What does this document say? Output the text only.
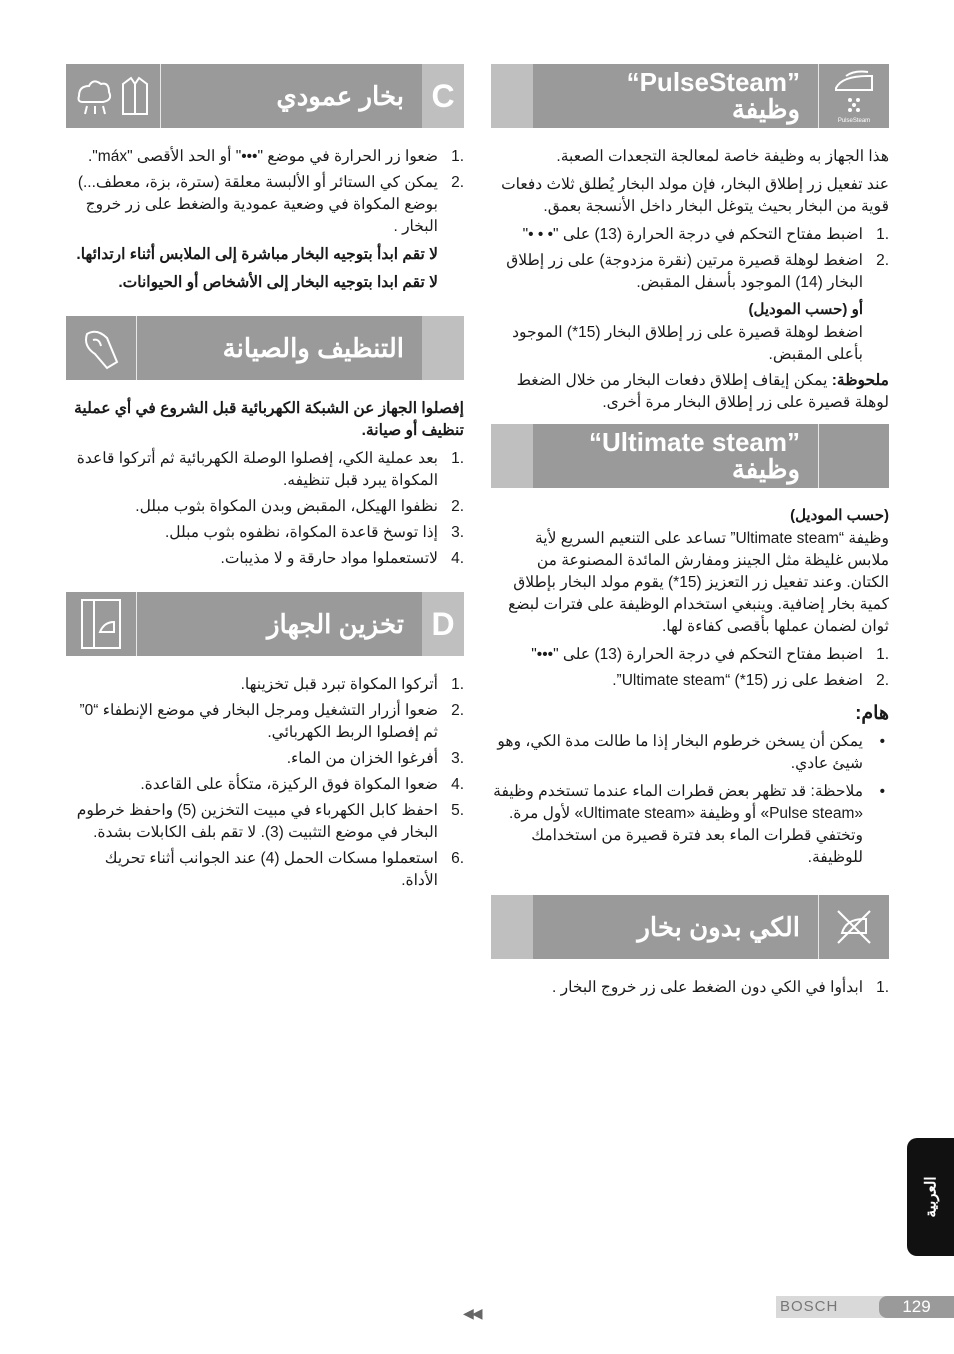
PulseSteam
“PulseSteam”
وظيفة

هذا الجهاز به وظيفة خاصة لمعالجة التجعدات الصعبة.

عند تفعيل زر إطلاق البخار، فإن مولد البخار يُطلق ثلاث دفعات قوية من البخار بحيث يتوغل البخار داخل الأنسجة بعمق.

.1
اضبط مفتاح التحكم في درجة الحرارة (13) على "• • •"
.2
اضغط لوهلة قصيرة مرتين (نقرة مزدوجة) على زر إطلاق البخار (14) الموجود بأسفل المقبض.
أو (حسب الموديل)
اضغط لوهلة قصيرة على زر إطلاق البخار (15*) الموجود بأعلى المقبض.

ملحوظة: يمكن إيقاف إطلاق دفعات البخار من خلال الضغط لوهلة قصيرة على زر إطلاق البخار مرة أخرى.

“Ultimate steam”
وظيفة
(حسب الموديل)

وظيفة “Ultimate steam” تساعد على التنعيم السريع لأية ملابس غليظة مثل الجينز ومفارش المائدة المصنوعة من الكتان. وعند تفعيل زر التعزيز (15*) يقوم مولد البخار بإطلاق كمية بخار إضافية. وينبغي استخدام الوظيفة على فترات لبضع ثوان لضمان عملها بأقصى كفاءة لها.

.1
اضبط مفتاح التحكم في درجة الحرارة (13) على "•••"
.2
اضغط على زر (15*) “Ultimate steam”.
هام:
• يمكن أن يسخن خرطوم البخار إذا ما طالت مدة الكي، وهو شيئ عادي.
• ملاحظة: قد تظهر بعض قطرات الماء عندما تستخدم وظيفة «Pulse steam» أو وظيفة «Ultimate steam» لأول مرة. وتختفي قطرات الماء بعد فترة قصيرة من استخدامك للوظيفة.
الكي بدون بخار
.1
ابدأوا في الكي دون الضغط على زر خروج البخار .
C
بخار عمودي
.1
ضعوا زر الحرارة في موضع "•••" أو الحد الأقصى "máx".
.2
يمكن كي الستائر أو الألبسة معلقة (سترة، بزة، معطف...) بوضع المكواة في وضعية عمودية والضغط على زر خروج البخار .

لا تقم ابدأ بتوجيه البخار مباشرة إلى الملابس أثناء ارتدائها.

لا تقم ابدا بتوجيه البخار إلى الأشخاص أو الحيوانات.

التنظيف والصيانة

إفصلوا الجهاز عن الشبكة الكهربائية قبل الشروع في أي عملية تنظيف أو صيانة.

.1
بعد عملية الكي، إفصلوا الوصلة الكهربائية ثم أتركوا قاعدة المكواة يبرد قبل تنظيفه.
.2
نظفوا الهيكل، المقبض وبدن المكواة بثوب مبلل.
.3
إذا توسخ قاعدة المكواة، نظفوه بثوب مبلل.
.4
لاتستعملوا مواد حارقة و لا مذيبات.
D
تخزين الجهاز
.1
أتركوا المكواة تبرد قبل تخزينها.
.2
ضعوا أزرار التشغيل ومرجل البخار في موضع الإنطفاء “0” ثم إفصلوا الربط الكهربائي.
.3
أفرغوا الخزان من الماء.
.4
ضعوا المكواة فوق الركيزة، متكأة على القاعدة.
.5
احفظ كابل الكهرباء في مبيت التخزين (5) واحفظ خرطوم البخار في موضع التثبيت (3). لا تقم بلف الكابلات بشدة.
.6
استعملوا مسكات الحمل (4) عند الجوانب أثناء تحريك الأداة.
العربية
BOSCH	129
◀◀
